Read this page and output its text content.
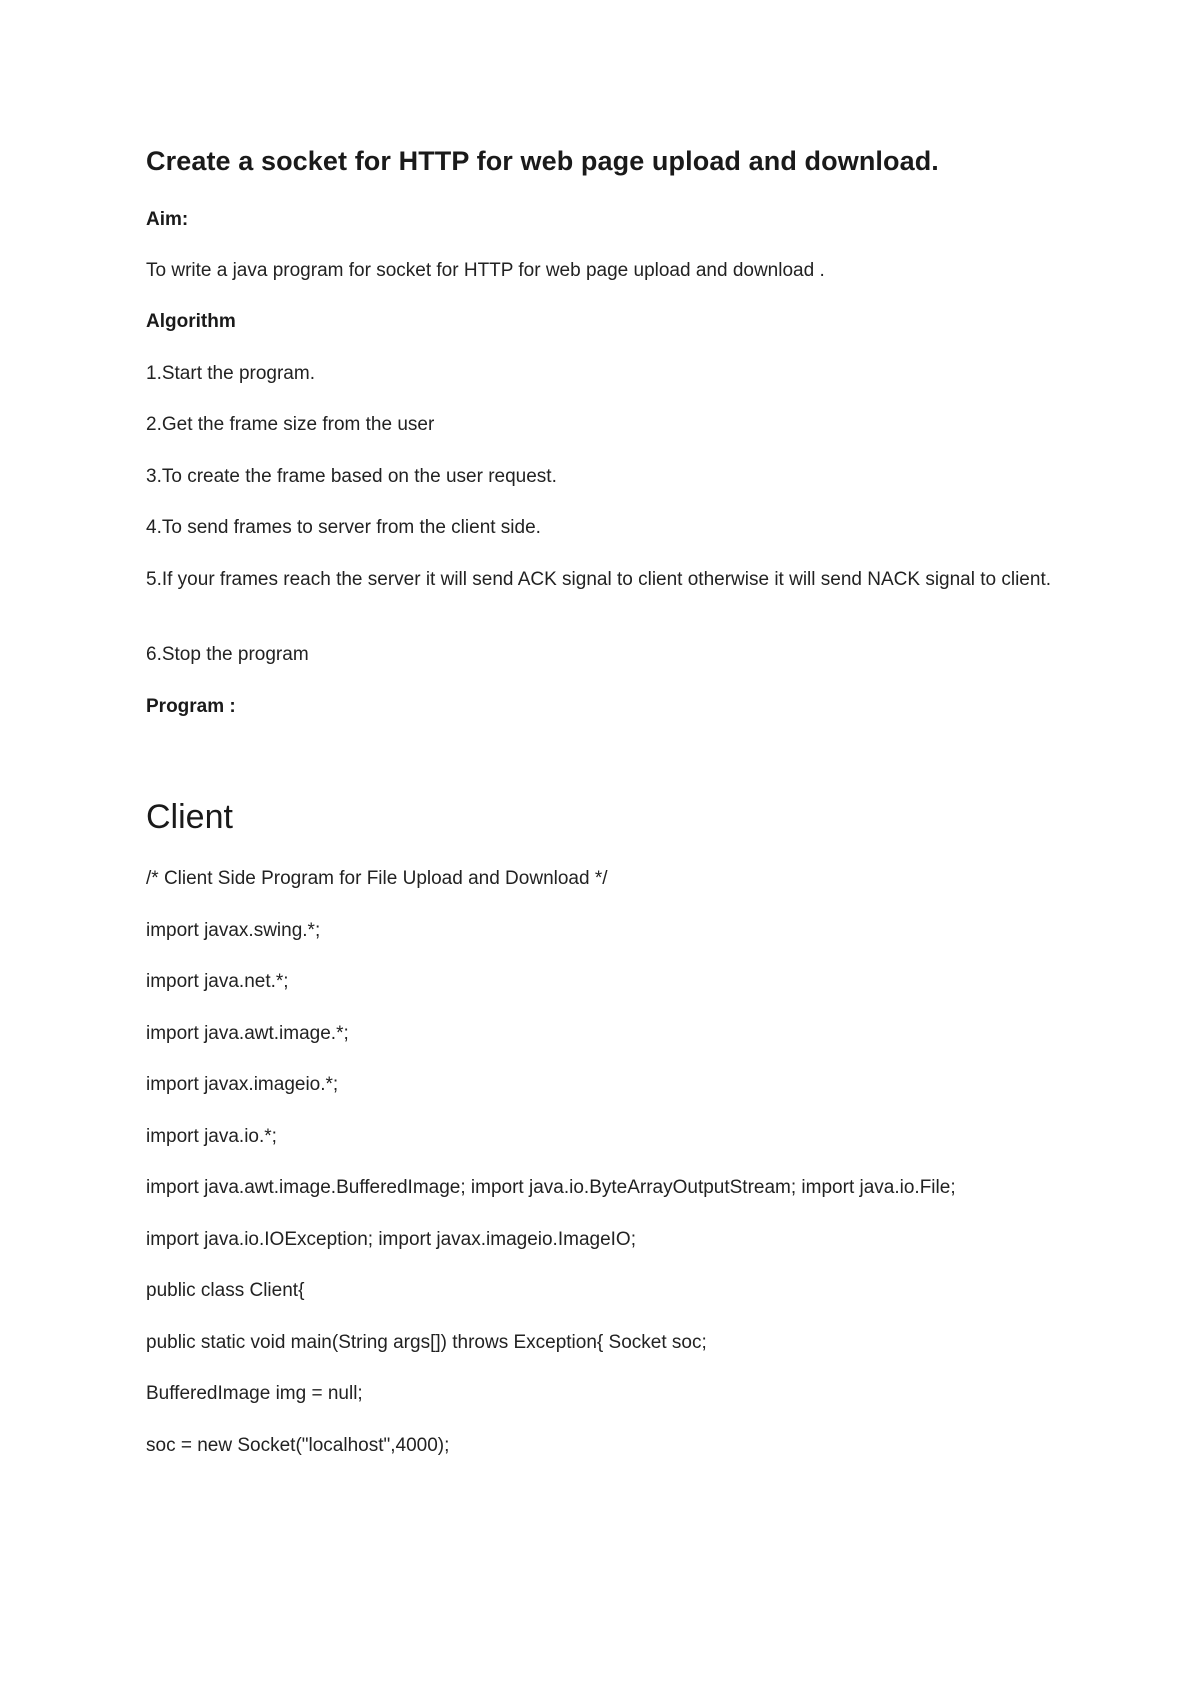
Create a socket for HTTP for web page upload and download.

Aim:

To write a java program for socket for HTTP for web page upload and download .

Algorithm

1.Start the program.

2.Get the frame size from the user

3.To create the frame based on the user request.

4.To send frames to server from the client side.

5.If your frames reach the server it will send ACK signal to client otherwise it will send NACK signal to client.

6.Stop the program

Program :

Client

/* Client Side Program for File Upload and Download */

import javax.swing.*;

import java.net.*;

import java.awt.image.*;

import javax.imageio.*;

import java.io.*;

import java.awt.image.BufferedImage; import java.io.ByteArrayOutputStream; import java.io.File;

import java.io.IOException; import javax.imageio.ImageIO;

public class Client{

public static void main(String args[]) throws Exception{ Socket soc;

BufferedImage img = null;

soc = new Socket("localhost",4000);
